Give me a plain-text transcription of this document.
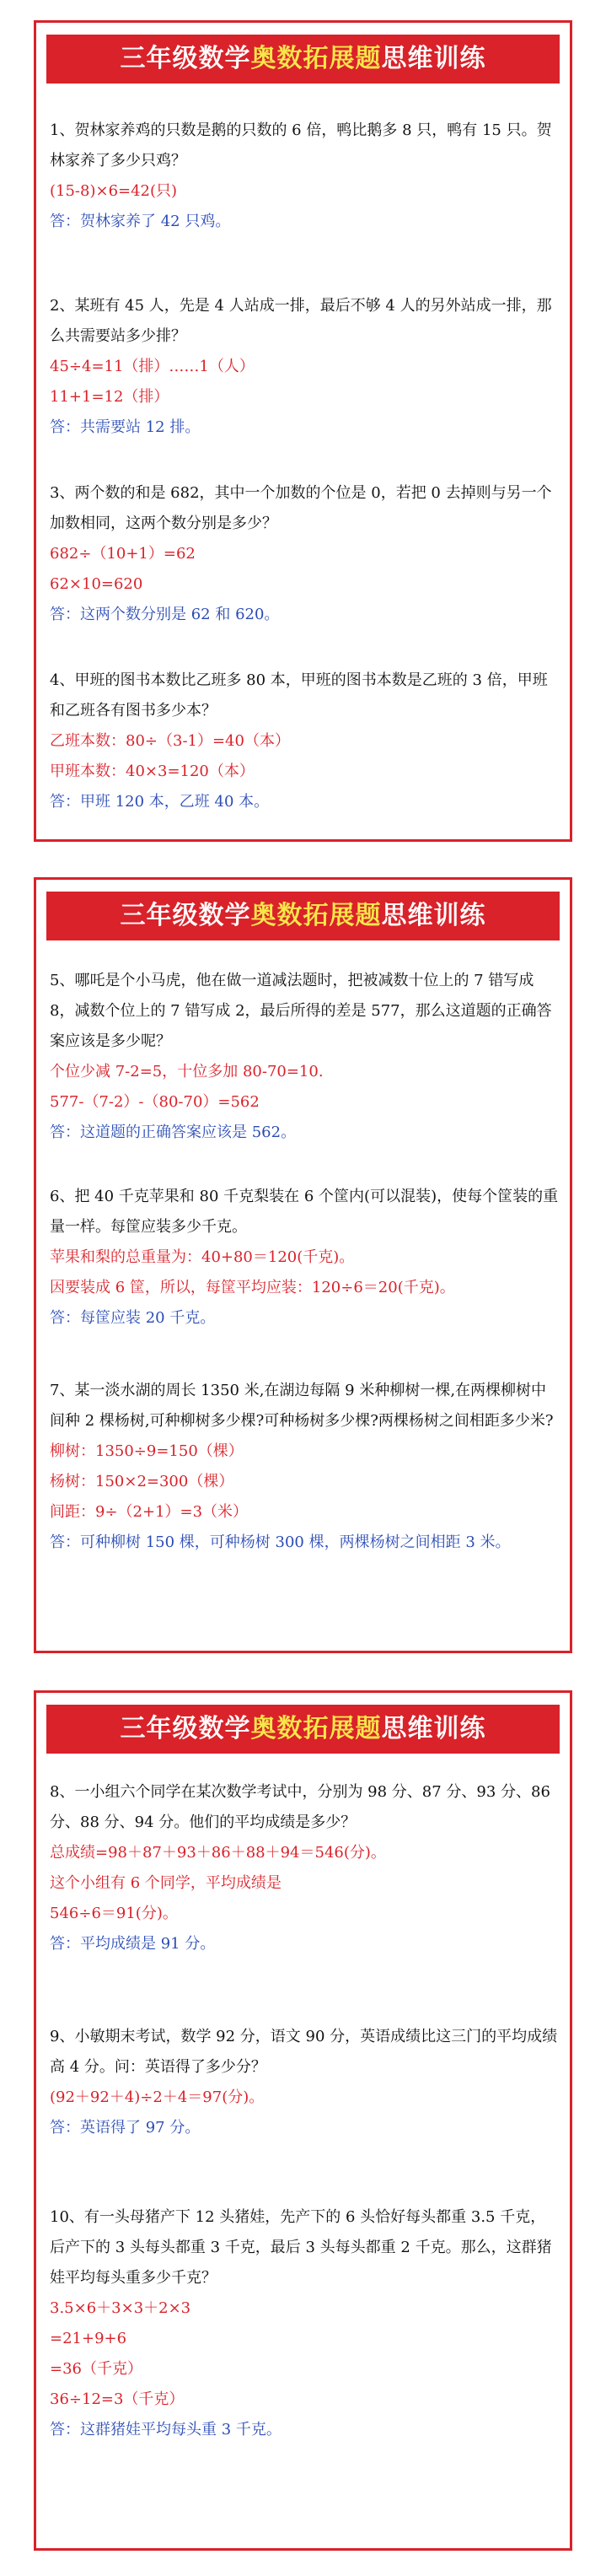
三年级数学奥数拓展题思维训练

1、贺林家养鸡的只数是鹅的只数的 6 倍，鸭比鹅多 8 只，鸭有 15 只。贺林家养了多少只鸡？

(15-8)×6=42(只)

答：贺林家养了 42 只鸡。

2、某班有 45 人，先是 4 人站成一排，最后不够 4 人的另外站成一排，那么共需要站多少排？

45÷4=11（排）……1（人）

11+1=12（排）

答：共需要站 12 排。

3、两个数的和是 682，其中一个加数的个位是 0，若把 0 去掉则与另一个加数相同，这两个数分别是多少？

682÷（10+1）=62

62×10=620

答：这两个数分别是 62 和 620。

4、甲班的图书本数比乙班多 80 本，甲班的图书本数是乙班的 3 倍，甲班和乙班各有图书多少本？

乙班本数：80÷（3-1）=40（本）

甲班本数：40×3=120（本）

答：甲班 120 本，乙班 40 本。

三年级数学奥数拓展题思维训练

5、哪吒是个小马虎，他在做一道减法题时，把被减数十位上的 7 错写成 8，减数个位上的 7 错写成 2，最后所得的差是 577，那么这道题的正确答案应该是多少呢？

个位少减 7-2=5，十位多加 80-70=10.

577-（7-2）-（80-70）=562

答：这道题的正确答案应该是 562。

6、把 40 千克苹果和 80 千克梨装在 6 个筐内(可以混装)，使每个筐装的重量一样。每筐应装多少千克。

苹果和梨的总重量为：40+80＝120(千克)。

因要装成 6 筐，所以，每筐平均应装：120÷6＝20(千克)。

答：每筐应装 20 千克。

7、某一淡水湖的周长 1350 米,在湖边每隔 9 米种柳树一棵,在两棵柳树中间种 2 棵杨树,可种柳树多少棵?可种杨树多少棵?两棵杨树之间相距多少米?

柳树：1350÷9=150（棵）

杨树：150×2=300（棵）

间距：9÷（2+1）=3（米）

答：可种柳树 150 棵，可种杨树 300 棵，两棵杨树之间相距 3 米。

三年级数学奥数拓展题思维训练

8、一小组六个同学在某次数学考试中，分别为 98 分、87 分、93 分、86 分、88 分、94 分。他们的平均成绩是多少？

总成绩=98＋87＋93＋86＋88＋94＝546(分)。

这个小组有 6 个同学，平均成绩是

546÷6＝91(分)。

答：平均成绩是 91 分。

9、小敏期末考试，数学 92 分，语文 90 分，英语成绩比这三门的平均成绩高 4 分。问：英语得了多少分？

(92＋92＋4)÷2＋4＝97(分)。

答：英语得了 97 分。

10、有一头母猪产下 12 头猪娃，先产下的 6 头恰好每头都重 3.5 千克，后产下的 3 头每头都重 3 千克，最后 3 头每头都重 2 千克。那么，这群猪娃平均每头重多少千克？

3.5×6＋3×3＋2×3

=21+9+6

=36（千克）

36÷12=3（千克）

答：这群猪娃平均每头重 3 千克。
